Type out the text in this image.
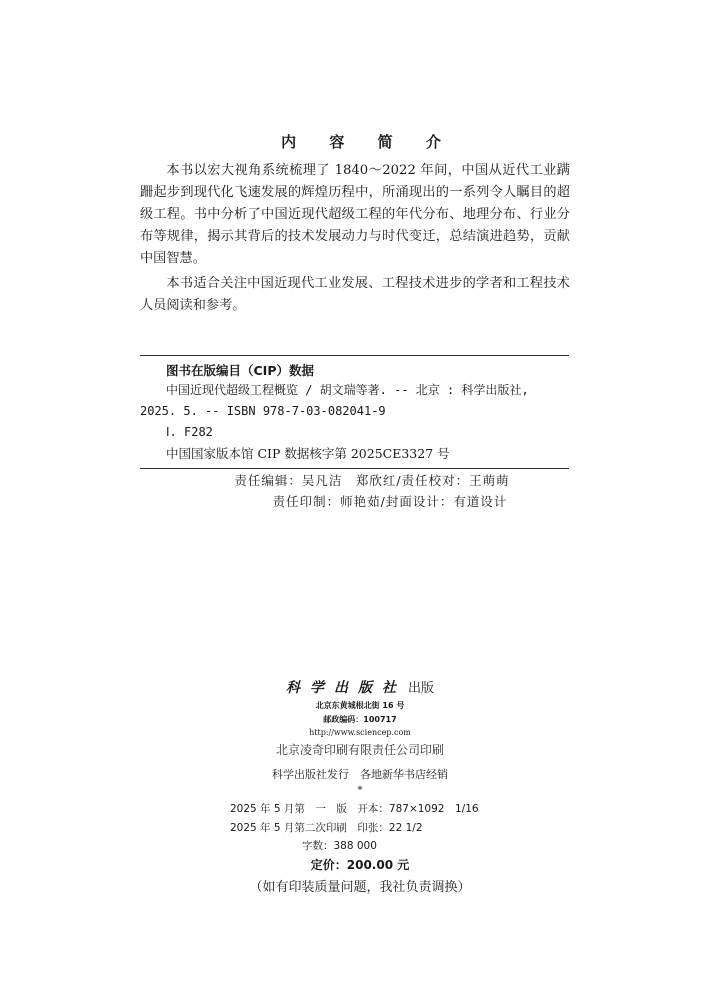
内 容 简 介

本书以宏大视角系统梳理了 1840～2022 年间，中国从近代工业蹒跚起步到现代化飞速发展的辉煌历程中，所涌现出的一系列令人瞩目的超级工程。书中分析了中国近现代超级工程的年代分布、地理分布、行业分布等规律，揭示其背后的技术发展动力与时代变迁，总结演进趋势，贡献中国智慧。

本书适合关注中国近现代工业发展、工程技术进步的学者和工程技术人员阅读和参考。

图书在版编目（CIP）数据
中国近现代超级工程概览 / 胡文瑞等著. -- 北京 : 科学出版社,
2025. 5. -- ISBN 978-7-03-082041-9
Ⅰ. F282
中国国家版本馆 CIP 数据核字第 2025CE3327 号
责任编辑：吴凡洁　郑欣红/责任校对：王萌萌
责任印制：师艳茹/封面设计：有道设计
科学出版社 出版
北京东黄城根北街 16 号
邮政编码：100717
http://www.sciencep.com
北京凌奇印刷有限责任公司印刷
科学出版社发行　各地新华书店经销
*
2025 年 5 月第　一　版　开本：787×1092　1/16
2025 年 5 月第二次印刷　印张：22 1/2
字数：388 000
定价：200.00 元
（如有印装质量问题，我社负责调换）
